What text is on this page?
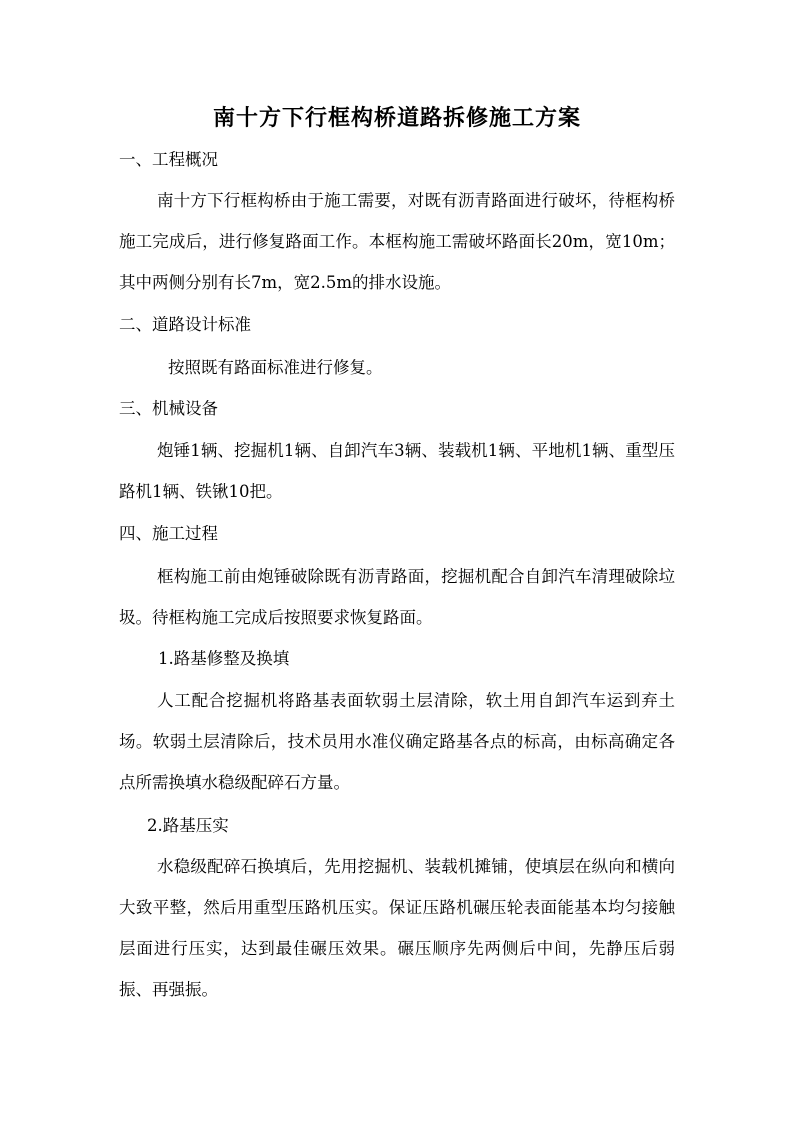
南十方下行框构桥道路拆修施工方案
一、工程概况
南十方下行框构桥由于施工需要，对既有沥青路面进行破坏，待框构桥施工完成后，进行修复路面工作。本框构施工需破坏路面长20m，宽10m；其中两侧分别有长7m，宽2.5m的排水设施。
二、道路设计标准
按照既有路面标准进行修复。
三、机械设备
炮锤1辆、挖掘机1辆、自卸汽车3辆、装载机1辆、平地机1辆、重型压路机1辆、铁锹10把。
四、施工过程
框构施工前由炮锤破除既有沥青路面，挖掘机配合自卸汽车清理破除垃圾。待框构施工完成后按照要求恢复路面。
1.路基修整及换填
人工配合挖掘机将路基表面软弱土层清除，软土用自卸汽车运到弃土场。软弱土层清除后，技术员用水准仪确定路基各点的标高，由标高确定各点所需换填水稳级配碎石方量。
2.路基压实
水稳级配碎石换填后，先用挖掘机、装载机摊铺，使填层在纵向和横向大致平整，然后用重型压路机压实。保证压路机碾压轮表面能基本均匀接触层面进行压实，达到最佳碾压效果。碾压顺序先两侧后中间，先静压后弱振、再强振。
